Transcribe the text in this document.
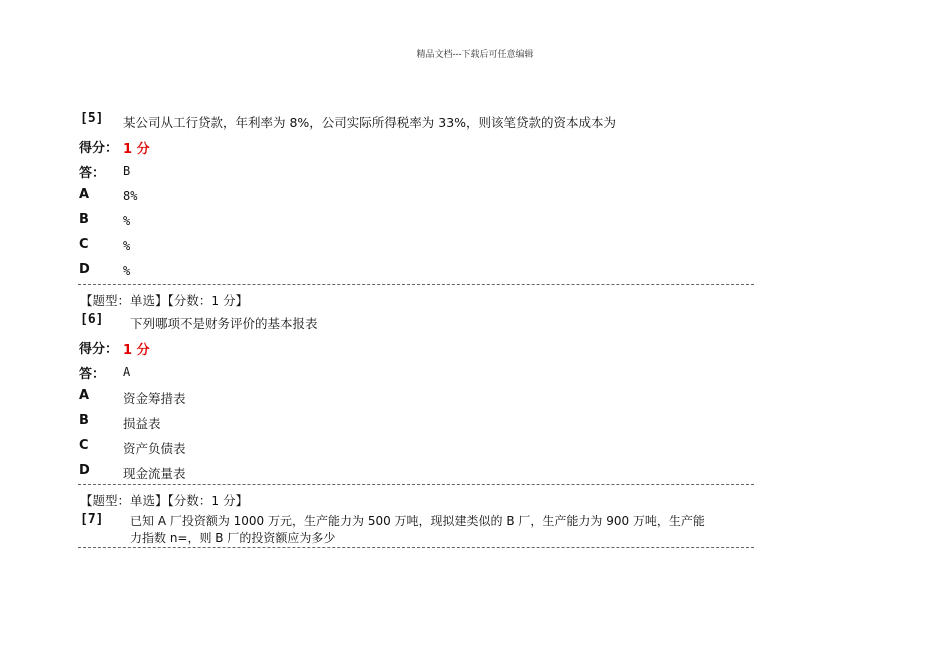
精品文档---下载后可任意编辑
[5] 某公司从工行贷款，年利率为 8%，公司实际所得税率为 33%，则该笔贷款的资本成本为
得分： 1 分
答： B
A	8%
B	%
C	%
D	%
【题型：单选】【分数：1 分】
[6] 下列哪项不是财务评价的基本报表
得分： 1 分
答： A
A	资金筹措表
B	损益表
C	资产负债表
D	现金流量表
【题型：单选】【分数：1 分】
[7] 已知 A 厂投资额为 1000 万元，生产能力为 500 万吨，现拟建类似的 B 厂，生产能力为 900 万吨，生产能
力指数 n=，则 B 厂的投资额应为多少
